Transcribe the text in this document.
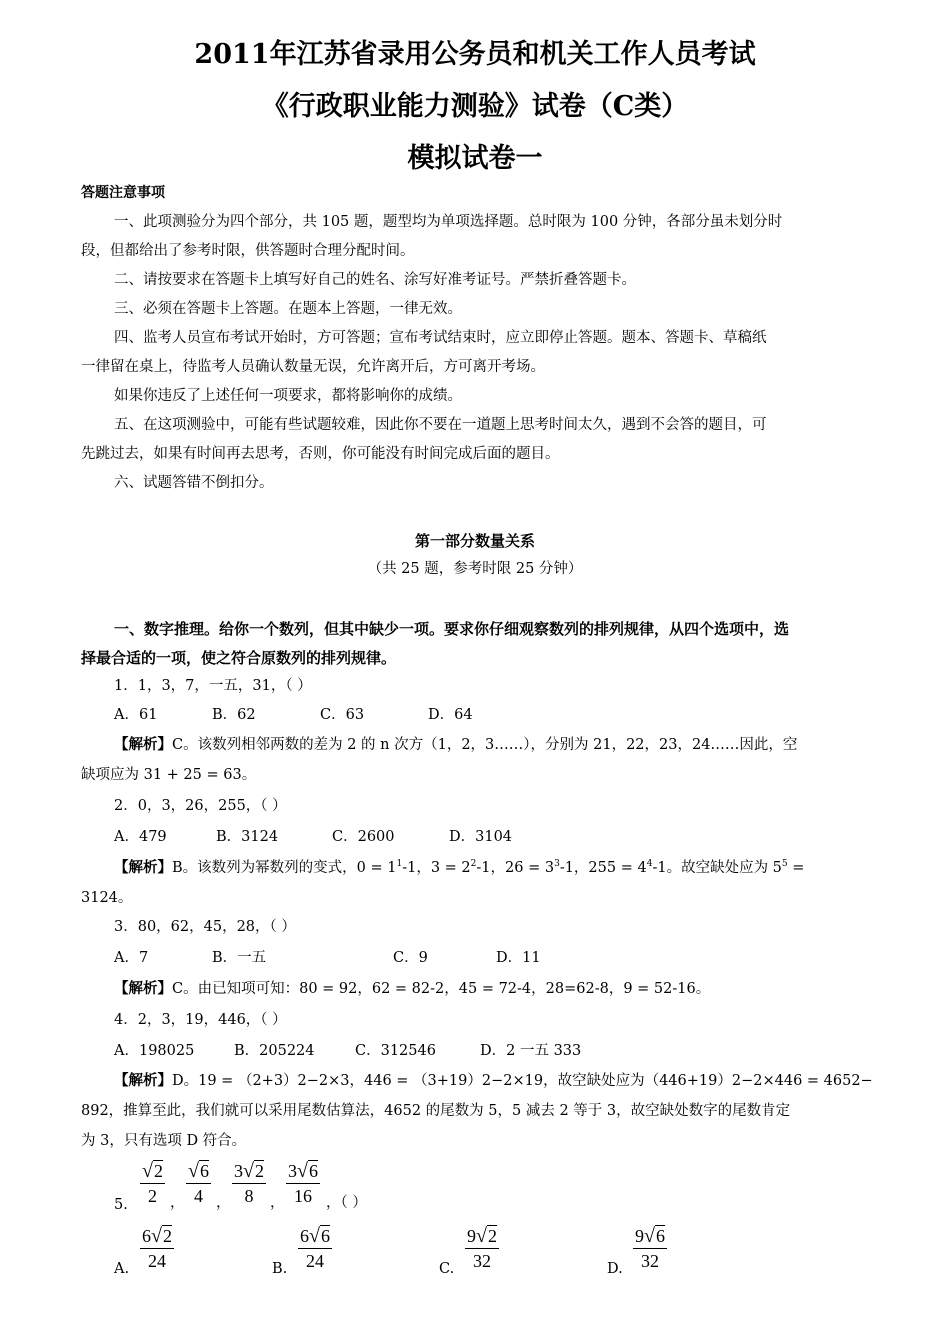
2011年江苏省录用公务员和机关工作人员考试
《行政职业能力测验》试卷（C类）
模拟试卷一
答题注意事项
一、此项测验分为四个部分，共 105 题，题型均为单项选择题。总时限为 100 分钟，各部分虽未划分时
段，但都给出了参考时限，供答题时合理分配时间。
二、请按要求在答题卡上填写好自己的姓名、涂写好准考证号。严禁折叠答题卡。
三、必须在答题卡上答题。在题本上答题，一律无效。
四、监考人员宣布考试开始时，方可答题；宣布考试结束时，应立即停止答题。题本、答题卡、草稿纸
一律留在桌上，待监考人员确认数量无误，允许离开后，方可离开考场。
如果你违反了上述任何一项要求，都将影响你的成绩。
五、在这项测验中，可能有些试题较难，因此你不要在一道题上思考时间太久，遇到不会答的题目，可
先跳过去，如果有时间再去思考，否则，你可能没有时间完成后面的题目。
六、试题答错不倒扣分。
第一部分数量关系
（共 25 题，参考时限 25 分钟）
一、数字推理。给你一个数列，但其中缺少一项。要求你仔细观察数列的排列规律，从四个选项中，选
择最合适的一项，使之符合原数列的排列规律。
1．1，3，7，一五，31，（ ）
A．61	B．62	C．63	D．64
【解析】C。该数列相邻两数的差为 2 的 n 次方（1，2，3……），分别为 21，22，23，24……因此，空
缺项应为 31 + 25 = 63。
2．0，3，26，255，（ ）
A．479	B．3124	C．2600	D．3104
【解析】B。该数列为幂数列的变式，$0 = 1^1-1$，$3 = 2^2-1$，$26 = 3^3-1$，$255 = 4^4-1$。故空缺处应为 $5^5$ =
3124。
3．80，62，45，28，（ ）
A．7	B．一五	C．9	D．11
【解析】C。由已知项可知：80 = 92，62 = 82-2，45 = 72-4，28=62-8，9 = 52-16。
4．2，3，19，446，（ ）
A．198025	B．205224	C．312546	D．2 一五 333
【解析】D。19 = （2+3）2−2×3，446 = （3+19）2−2×19，故空缺处应为（446+19）2−2×446 = 4652−
892，推算至此，我们就可以采用尾数估算法，4652 的尾数为 5，5 减去 2 等于 3，故空缺处数字的尾数肯定
为 3，只有选项 D 符合。
5. $\frac{√2}{2}$ ， $\frac{√6}{4}$ ， $\frac{3√2}{8}$ ， $\frac{3√6}{16}$ ，（ ）
A. $\frac{6√2}{24}$	B. $\frac{6√6}{24}$	C. $\frac{9√2}{32}$	D. $\frac{9√6}{32}$
